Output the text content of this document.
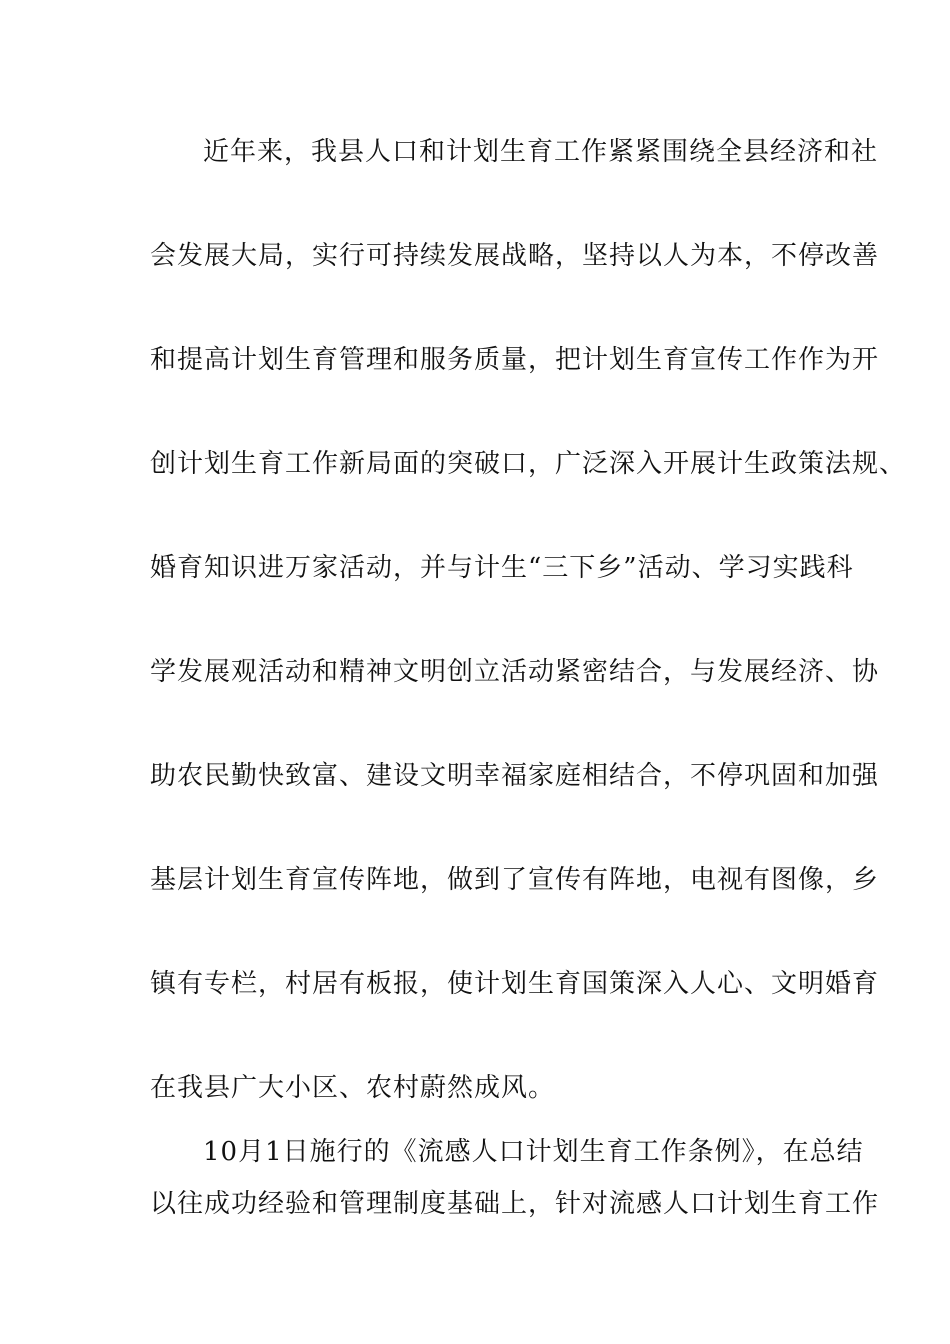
近年来，我县人口和计划生育工作紧紧围绕全县经济和社
会发展大局，实行可持续发展战略，坚持以人为本，不停改善
和提高计划生育管理和服务质量，把计划生育宣传工作作为开
创计划生育工作新局面的突破口，广泛深入开展计生政策法规、
婚育知识进万家活动，并与计生“三下乡”活动、学习实践科
学发展观活动和精神文明创立活动紧密结合，与发展经济、协
助农民勤快致富、建设文明幸福家庭相结合，不停巩固和加强
基层计划生育宣传阵地，做到了宣传有阵地，电视有图像，乡
镇有专栏，村居有板报，使计划生育国策深入人心、文明婚育
在我县广大小区、农村蔚然成风。
10月1日施行的《流感人口计划生育工作条例》，在总结
以往成功经验和管理制度基础上，针对流感人口计划生育工作
